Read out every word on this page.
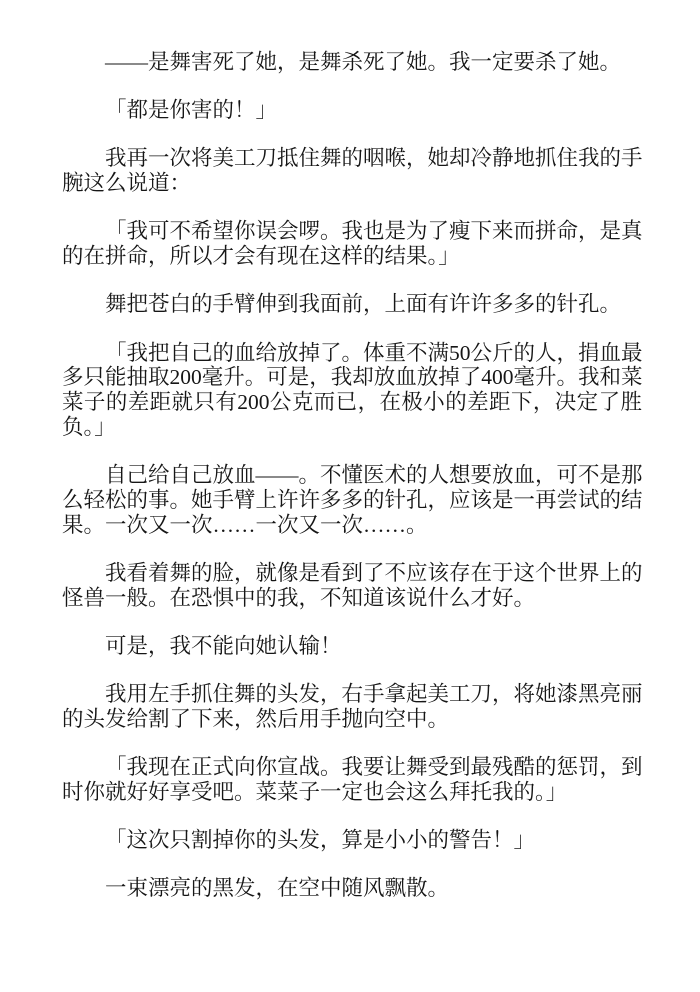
——是舞害死了她，是舞杀死了她。我一定要杀了她。

「都是你害的！」

我再一次将美工刀抵住舞的咽喉，她却冷静地抓住我的手
腕这么说道：

「我可不希望你误会啰。我也是为了瘦下来而拼命，是真
的在拼命，所以才会有现在这样的结果。」

舞把苍白的手臂伸到我面前，上面有许许多多的针孔。

「我把自己的血给放掉了。体重不满50公斤的人，捐血最
多只能抽取200毫升。可是，我却放血放掉了400毫升。我和菜
菜子的差距就只有200公克而已，在极小的差距下，决定了胜
负。」

自己给自己放血——。不懂医术的人想要放血，可不是那
么轻松的事。她手臂上许许多多的针孔，应该是一再尝试的结
果。一次又一次……一次又一次……。

我看着舞的脸，就像是看到了不应该存在于这个世界上的
怪兽一般。在恐惧中的我，不知道该说什么才好。

可是，我不能向她认输！

我用左手抓住舞的头发，右手拿起美工刀，将她漆黑亮丽
的头发给割了下来，然后用手抛向空中。

「我现在正式向你宣战。我要让舞受到最残酷的惩罚，到
时你就好好享受吧。菜菜子一定也会这么拜托我的。」

「这次只割掉你的头发，算是小小的警告！」

一束漂亮的黑发，在空中随风飘散。
